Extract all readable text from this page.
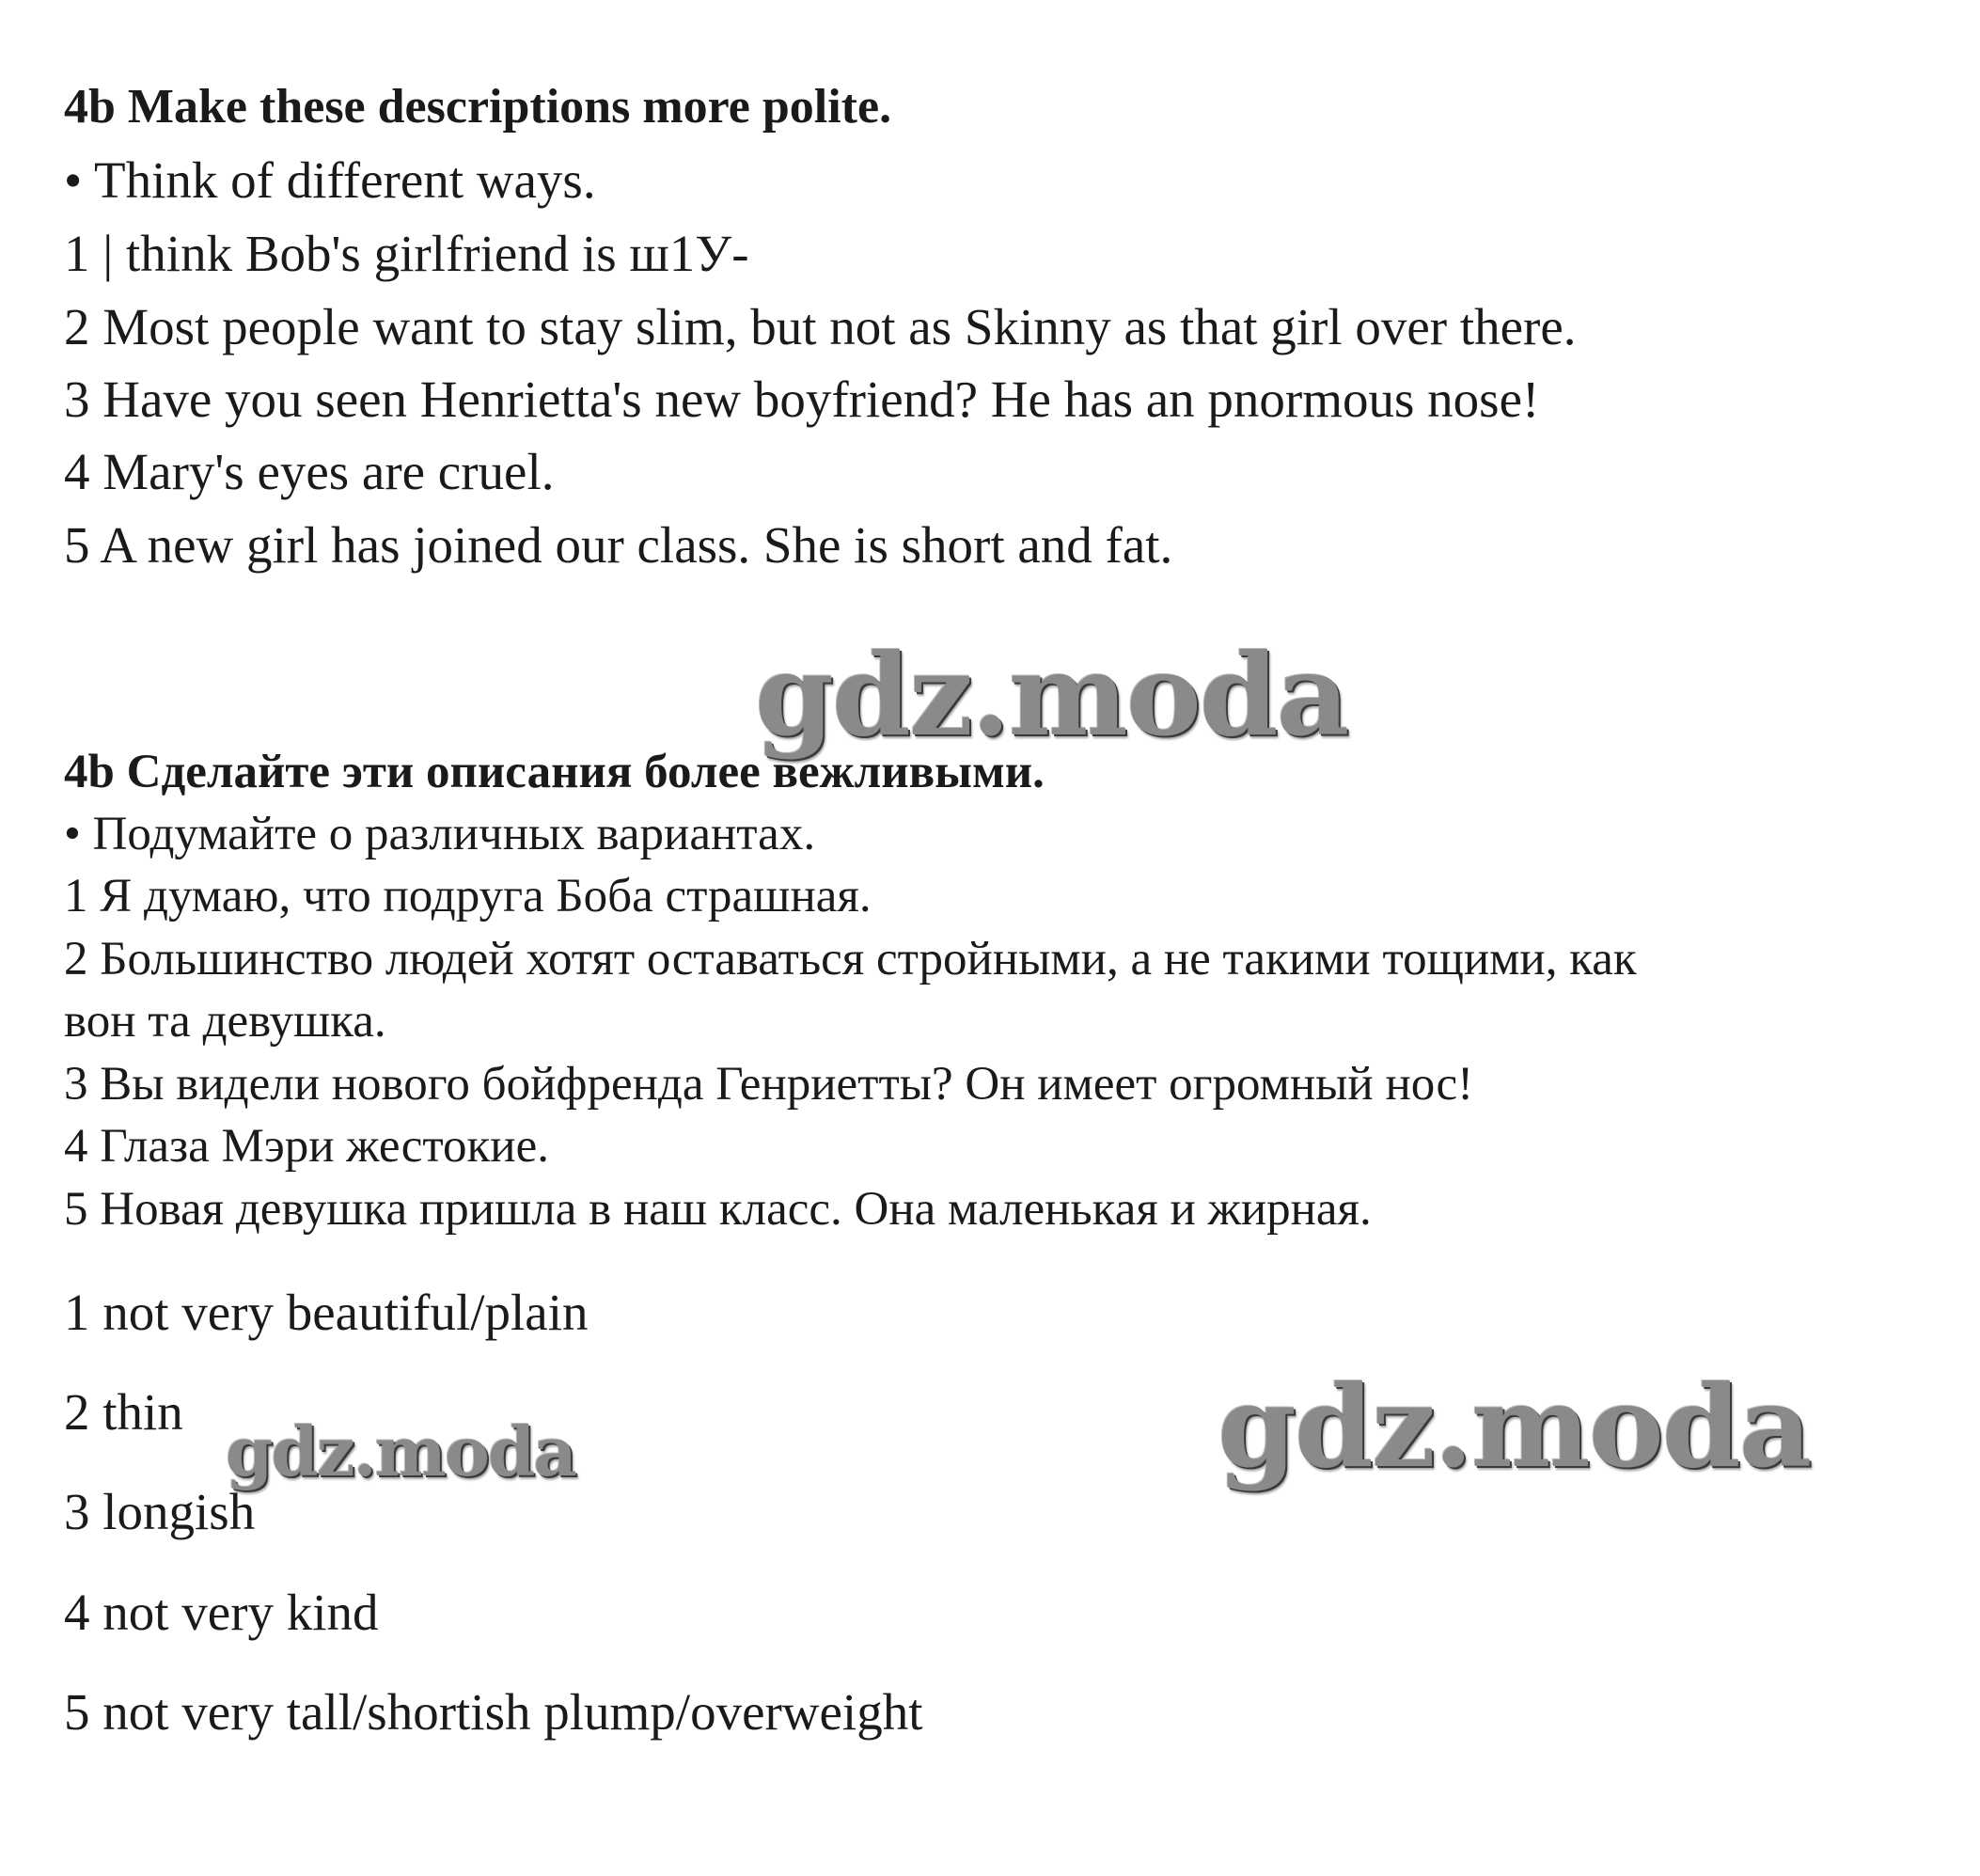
4b Make these descriptions more polite.
• Think of different ways.
1 | think Bob's girlfriend is ш1У-
2 Most people want to stay slim, but not as Skinny as that girl over there.
3 Have you seen Henrietta's new boyfriend? He has an pnormous nose!
4 Mary's eyes are cruel.
5 A new girl has joined our class. She is short and fat.
gdz.moda
4b Сделайте эти описания более вежливыми.
• Подумайте о различных вариантах.
1 Я думаю, что подруга Боба страшная.
2 Большинство людей хотят оставаться стройными, а не такими тощими, как
вон та девушка.
3 Вы видели нового бойфренда Генриетты? Он имеет огромный нос!
4 Глаза Мэри жестокие.
5 Новая девушка пришла в наш класс. Она маленькая и жирная.
1 not very beautiful/plain
2 thin
3 longish
4 not very kind
5 not very tall/shortish plump/overweight
gdz.moda	gdz.moda
